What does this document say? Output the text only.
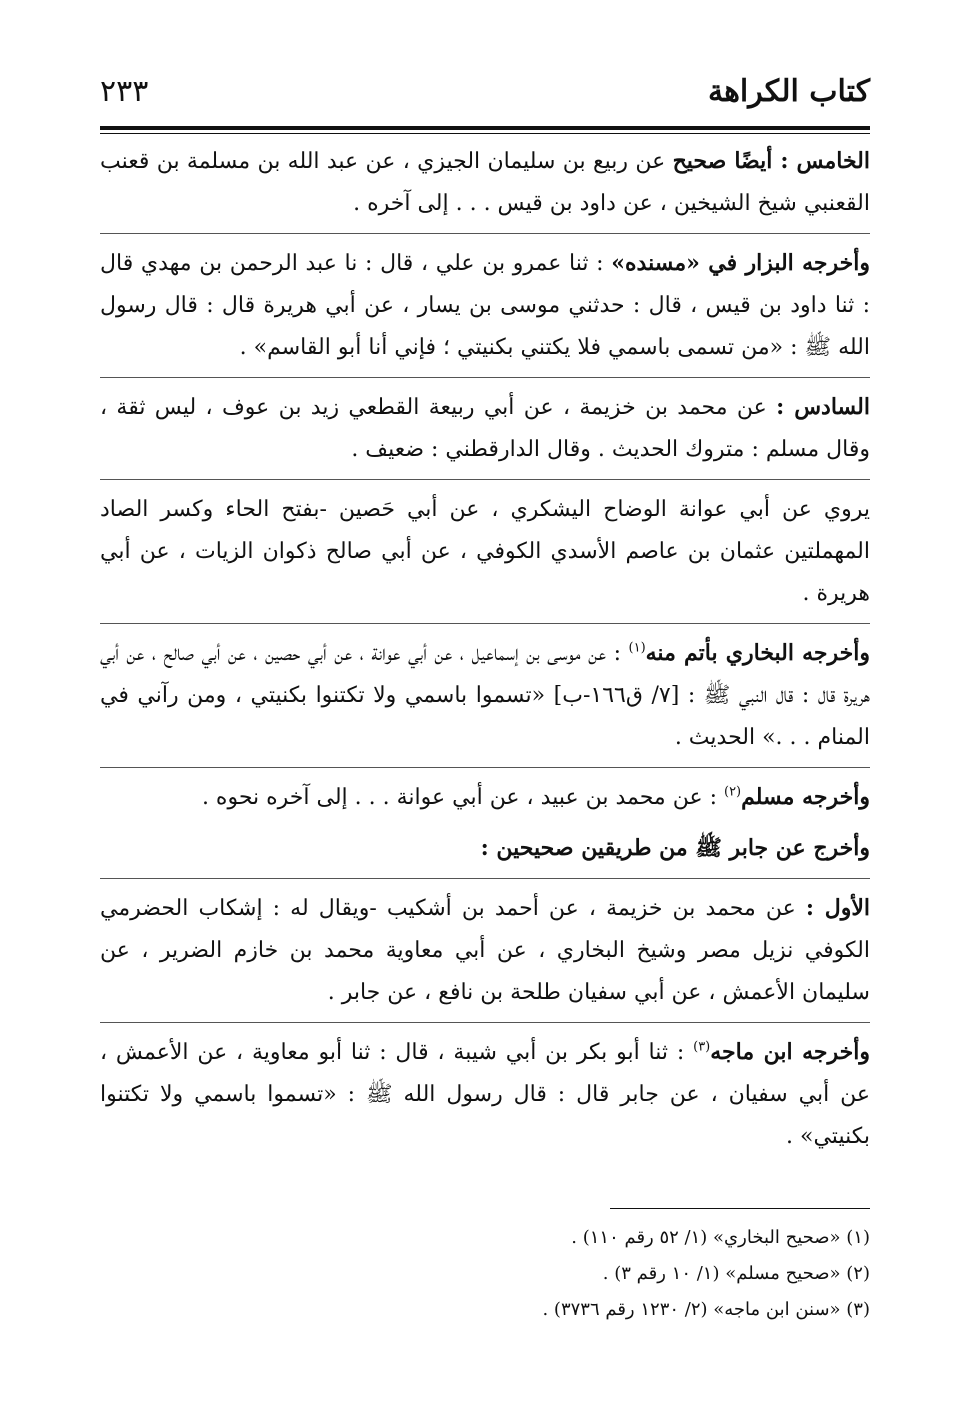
كتاب الكراهة
٢٣٣

الخامس : أيضًا صحيح عن ربيع بن سليمان الجيزي ، عن عبد الله بن مسلمة بن قعنب القعنبي شيخ الشيخين ، عن داود بن قيس . . . إلى آخره .

وأخرجه البزار في «مسنده» : ثنا عمرو بن علي ، قال : نا عبد الرحمن بن مهدي قال : ثنا داود بن قيس ، قال : حدثني موسى بن يسار ، عن أبي هريرة قال : قال رسول الله ﷺ : «من تسمى باسمي فلا يكتني بكنيتي ؛ فإني أنا أبو القاسم» .

السادس : عن محمد بن خزيمة ، عن أبي ربيعة القطعي زيد بن عوف ، ليس ثقة ، وقال مسلم : متروك الحديث . وقال الدارقطني : ضعيف .

يروي عن أبي عوانة الوضاح اليشكري ، عن أبي حَصين -بفتح الحاء وكسر الصاد المهملتين عثمان بن عاصم الأسدي الكوفي ، عن أبي صالح ذكوان الزيات ، عن أبي هريرة .

وأخرجه البخاري بأتم منه$^{(١)}$ : عن موسى بن إسماعيل ، عن أبي عوانة ، عن أبي حصين ، عن أبي صالح ، عن أبي هريرة قال : قال النبي ﷺ : [٧/ ق١٦٦-ب] «تسموا باسمي ولا تكتنوا بكنيتي ، ومن رآني في المنام . . .» الحديث .

وأخرجه مسلم$^{(٢)}$ : عن محمد بن عبيد ، عن أبي عوانة . . . إلى آخره نحوه .

وأخرج عن جابر ﷺ من طريقين صحيحين :

الأول : عن محمد بن خزيمة ، عن أحمد بن أشكيب -ويقال له : إشكاب الحضرمي الكوفي نزيل مصر وشيخ البخاري ، عن أبي معاوية محمد بن خازم الضرير ، عن سليمان الأعمش ، عن أبي سفيان طلحة بن نافع ، عن جابر .

وأخرجه ابن ماجه$^{(٣)}$ : ثنا أبو بكر بن أبي شيبة ، قال : ثنا أبو معاوية ، عن الأعمش ، عن أبي سفيان ، عن جابر قال : قال رسول الله ﷺ : «تسموا باسمي ولا تكتنوا بكنيتي» .

(١) «صحيح البخاري» (١/ ٥٢ رقم ١١٠) .
(٢) «صحيح مسلم» (١/ ١٠ رقم ٣) .
(٣) «سنن ابن ماجه» (٢/ ١٢٣٠ رقم ٣٧٣٦) .
